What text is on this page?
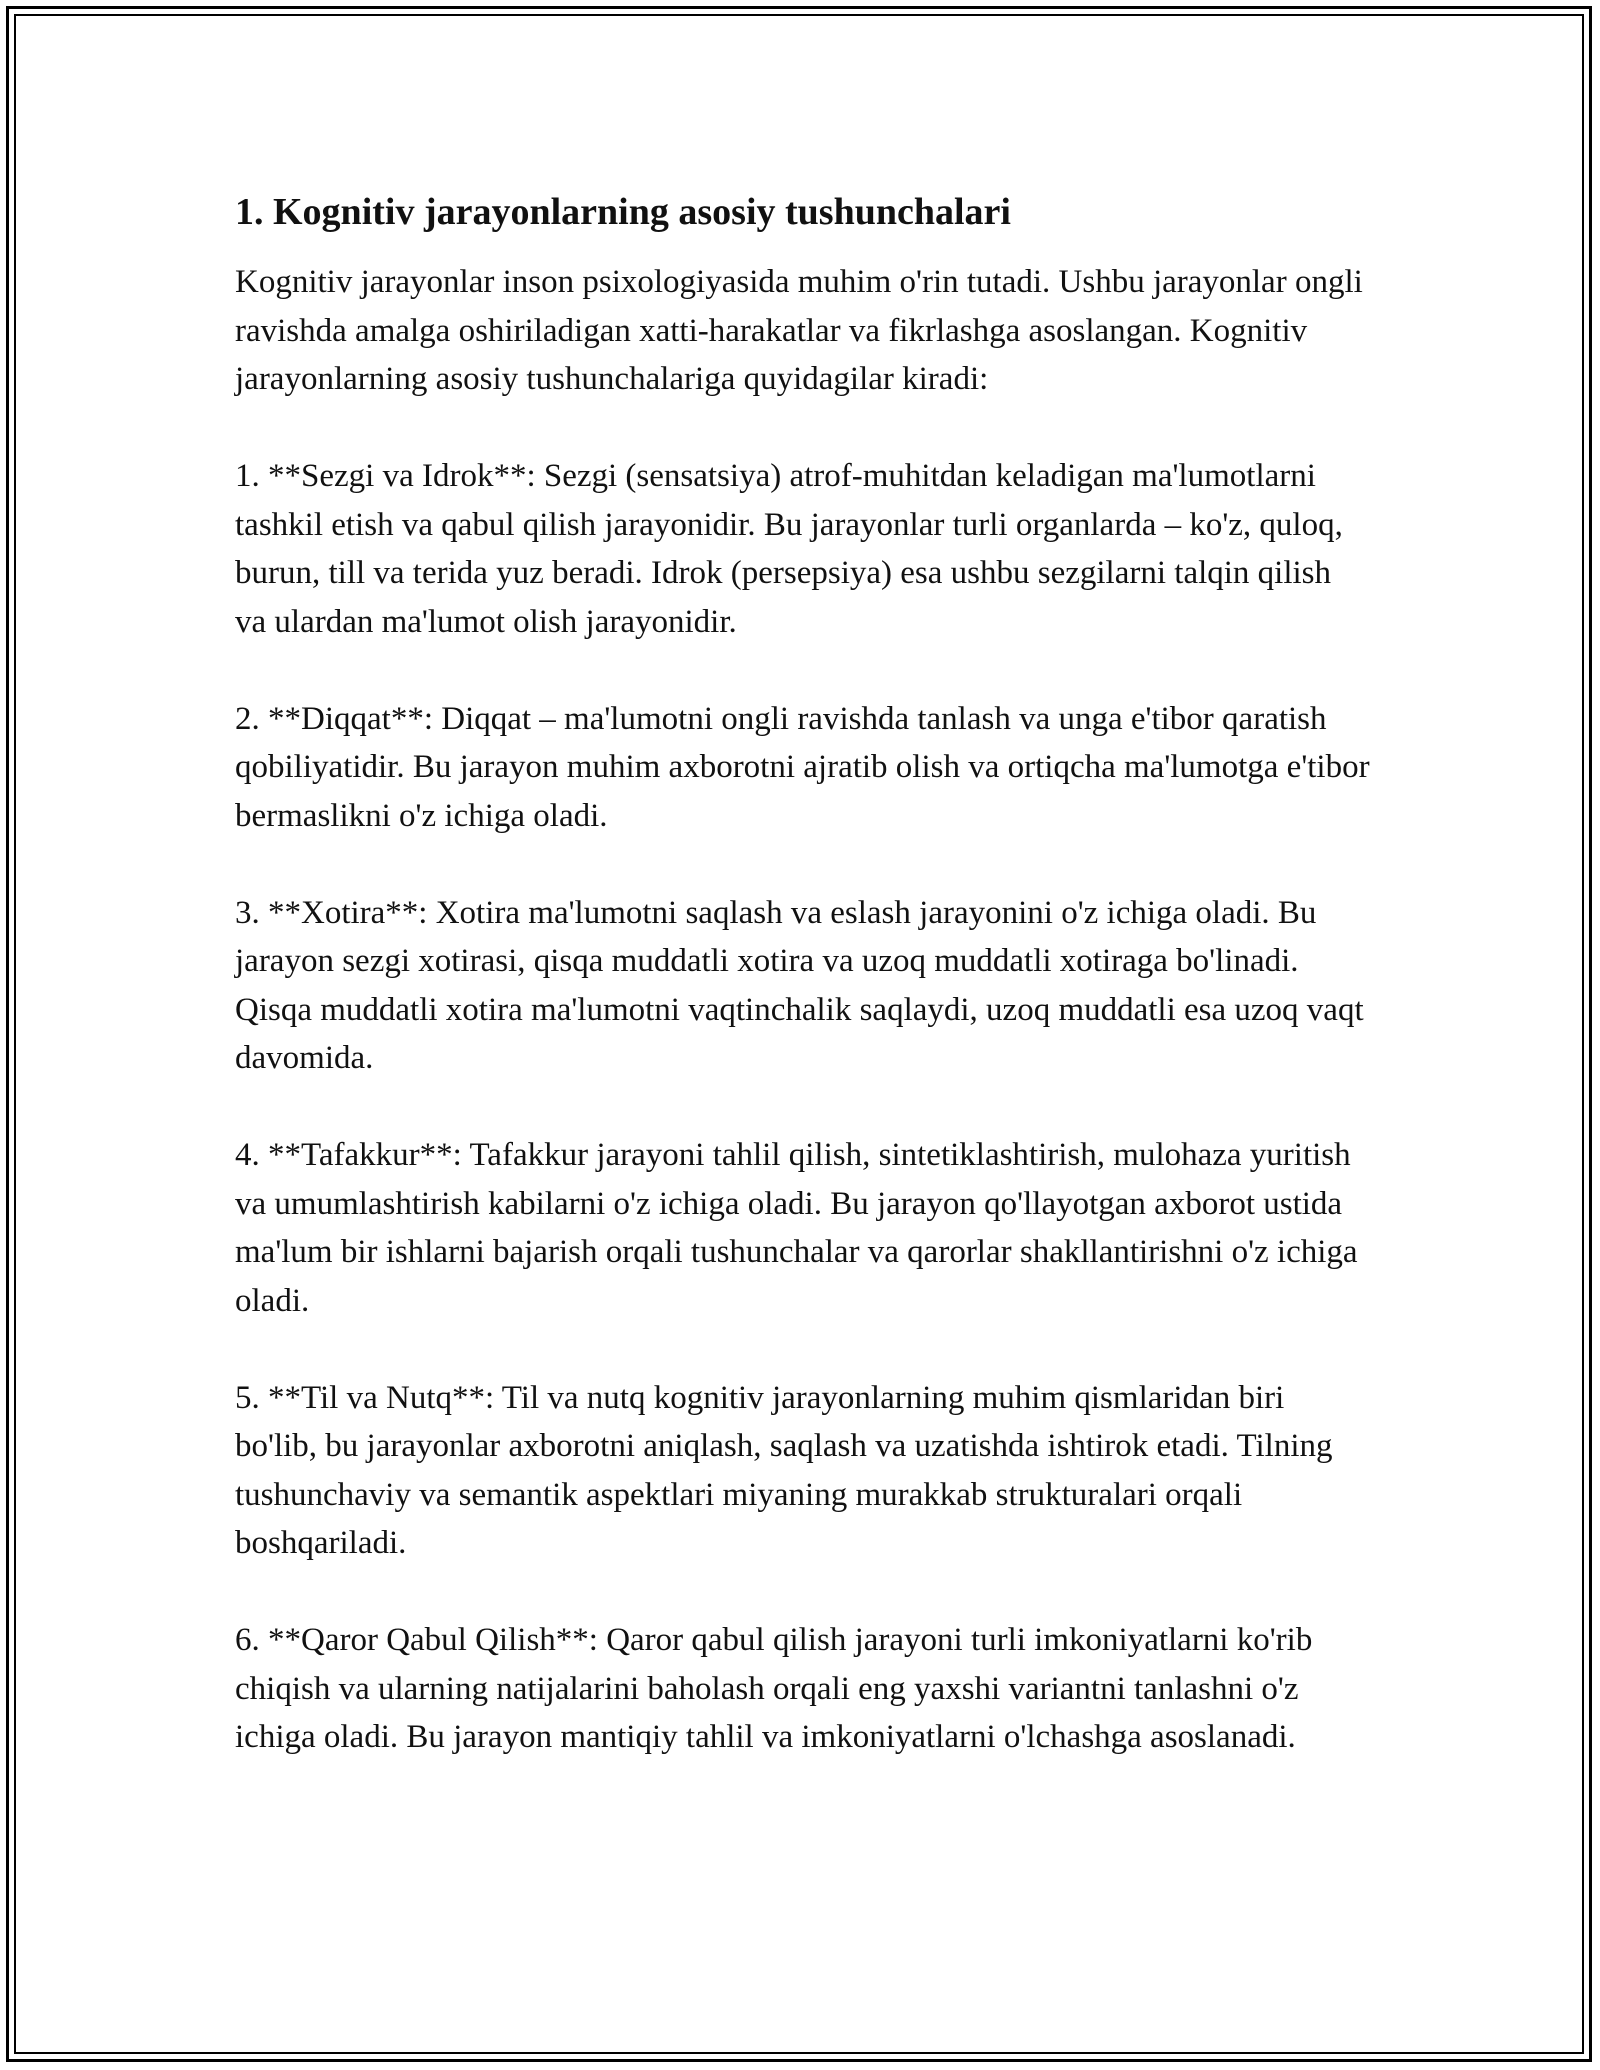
1. Kognitiv jarayonlarning asosiy tushunchalari

Kognitiv jarayonlar inson psixologiyasida muhim o'rin tutadi. Ushbu jarayonlar ongli ravishda amalga oshiriladigan xatti-harakatlar va fikrlashga asoslangan. Kognitiv jarayonlarning asosiy tushunchalariga quyidagilar kiradi:

1. **Sezgi va Idrok**: Sezgi (sensatsiya) atrof-muhitdan keladigan ma'lumotlarni tashkil etish va qabul qilish jarayonidir. Bu jarayonlar turli organlarda – ko'z, quloq, burun, till va terida yuz beradi. Idrok (persepsiya) esa ushbu sezgilarni talqin qilish va ulardan ma'lumot olish jarayonidir.

2. **Diqqat**: Diqqat – ma'lumotni ongli ravishda tanlash va unga e'tibor qaratish qobiliyatidir. Bu jarayon muhim axborotni ajratib olish va ortiqcha ma'lumotga e'tibor bermaslikni o'z ichiga oladi.

3. **Xotira**: Xotira ma'lumotni saqlash va eslash jarayonini o'z ichiga oladi. Bu jarayon sezgi xotirasi, qisqa muddatli xotira va uzoq muddatli xotiraga bo'linadi. Qisqa muddatli xotira ma'lumotni vaqtinchalik saqlaydi, uzoq muddatli esa uzoq vaqt davomida.

4. **Tafakkur**: Tafakkur jarayoni tahlil qilish, sintetiklashtirish, mulohaza yuritish va umumlashtirish kabilarni o'z ichiga oladi. Bu jarayon qo'llayotgan axborot ustida ma'lum bir ishlarni bajarish orqali tushunchalar va qarorlar shakllantirishni o'z ichiga oladi.

5. **Til va Nutq**: Til va nutq kognitiv jarayonlarning muhim qismlaridan biri bo'lib, bu jarayonlar axborotni aniqlash, saqlash va uzatishda ishtirok etadi. Tilning tushunchaviy va semantik aspektlari miyaning murakkab strukturalari orqali boshqariladi.

6. **Qaror Qabul Qilish**: Qaror qabul qilish jarayoni turli imkoniyatlarni ko'rib chiqish va ularning natijalarini baholash orqali eng yaxshi variantni tanlashni o'z ichiga oladi. Bu jarayon mantiqiy tahlil va imkoniyatlarni o'lchashga asoslanadi.
